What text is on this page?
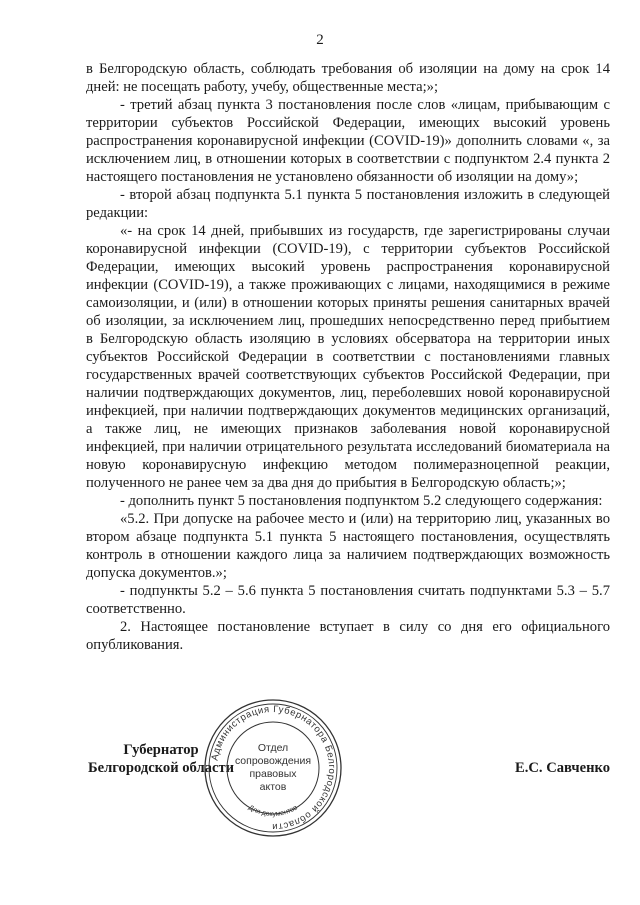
2

в Белгородскую область, соблюдать требования об изоляции на дому на срок 14 дней: не посещать работу, учебу, общественные места;»;

- третий абзац пункта 3 постановления после слов «лицам, прибывающим с территории субъектов Российской Федерации, имеющих высокий уровень распространения коронавирусной инфекции (COVID-19)» дополнить словами «, за исключением лиц, в отношении которых в соответствии с подпунктом 2.4 пункта 2 настоящего постановления не установлено обязанности об изоляции на дому»;

- второй абзац подпункта 5.1 пункта 5 постановления изложить в следующей редакции:

«- на срок 14 дней, прибывших из государств, где зарегистрированы случаи коронавирусной инфекции (COVID-19), с территории субъектов Российской Федерации, имеющих высокий уровень распространения коронавирусной инфекции (COVID-19), а также проживающих с лицами, находящимися в режиме самоизоляции, и (или) в отношении которых приняты решения санитарных врачей об изоляции, за исключением лиц, прошедших непосредственно перед прибытием в Белгородскую область изоляцию в условиях обсерватора на территории иных субъектов Российской Федерации в соответствии с постановлениями главных государственных врачей соответствующих субъектов Российской Федерации, при наличии подтверждающих документов, лиц, переболевших новой коронавирусной инфекцией, при наличии подтверждающих документов медицинских организаций, а также лиц, не имеющих признаков заболевания новой коронавирусной инфекцией, при наличии отрицательного результата исследований биоматериала на новую коронавирусную инфекцию методом полимеразноцепной реакции, полученного не ранее чем за два дня до прибытия в Белгородскую область;»;

- дополнить пункт 5 постановления подпунктом 5.2 следующего содержания:

«5.2. При допуске на рабочее место и (или) на территорию лиц, указанных во втором абзаце подпункта 5.1 пункта 5 настоящего постановления, осуществлять контроль в отношении каждого лица за наличием подтверждающих возможность допуска документов.»;

- подпункты 5.2 – 5.6 пункта 5 постановления считать подпунктами 5.3 – 5.7 соответственно.

2. Настоящее постановление вступает в силу со дня его официального опубликования.

Губернатор
Белгородской области	Е.С. Савченко
Администрация Губернатора Белгородской области
Для документов
Отдел
сопровождения
правовых
актов
